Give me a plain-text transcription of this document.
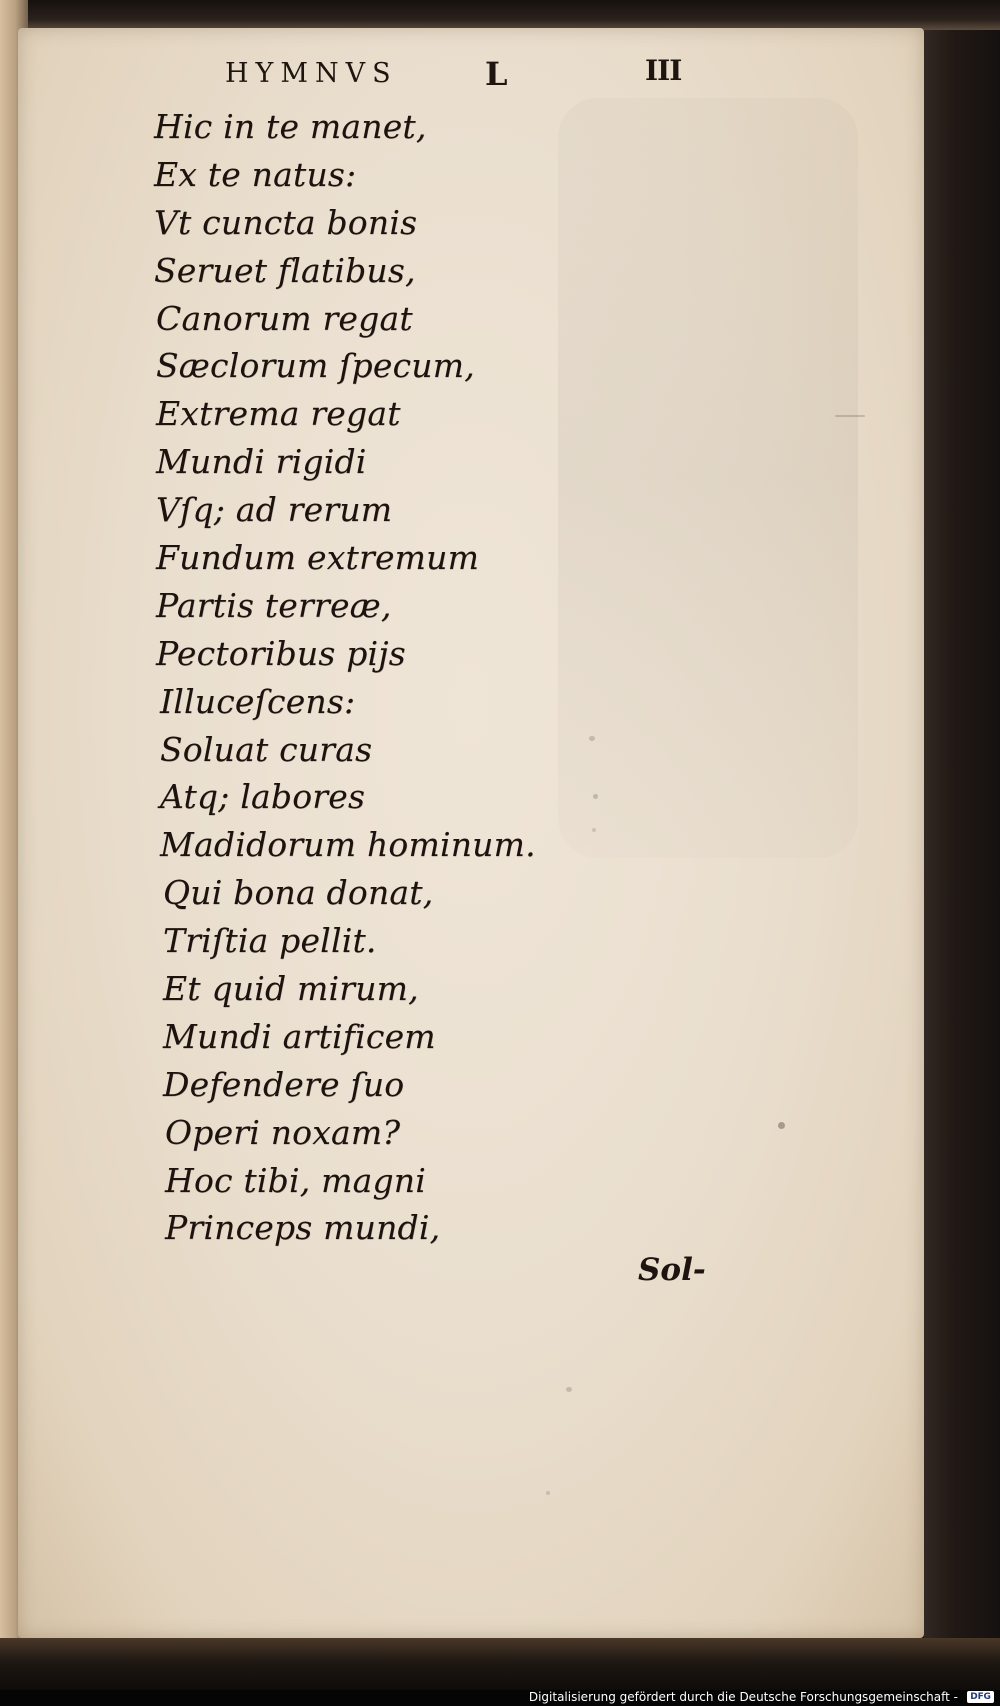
HYMNVS	L	III
Hic in te manet,
Ex te natus:
Vt cuncta bonis
Seruet flatibus,
Canorum regat
Sæclorum ſpecum,
Extrema regat
Mundi rigidi
Vſq; ad rerum
Fundum extremum
Partis terreæ,
Pectoribus pijs
Illuceſcens:
Soluat curas
Atq; labores
Madidorum hominum.
Qui bona donat,
Triſtia pellit.
Et quid mirum,
Mundi artificem
Defendere ſuo
Operi noxam?
Hoc tibi, magni
Princeps mundi,
Sol-
Digitalisierung gefördert durch die Deutsche Forschungsgemeinschaft -	DFG
